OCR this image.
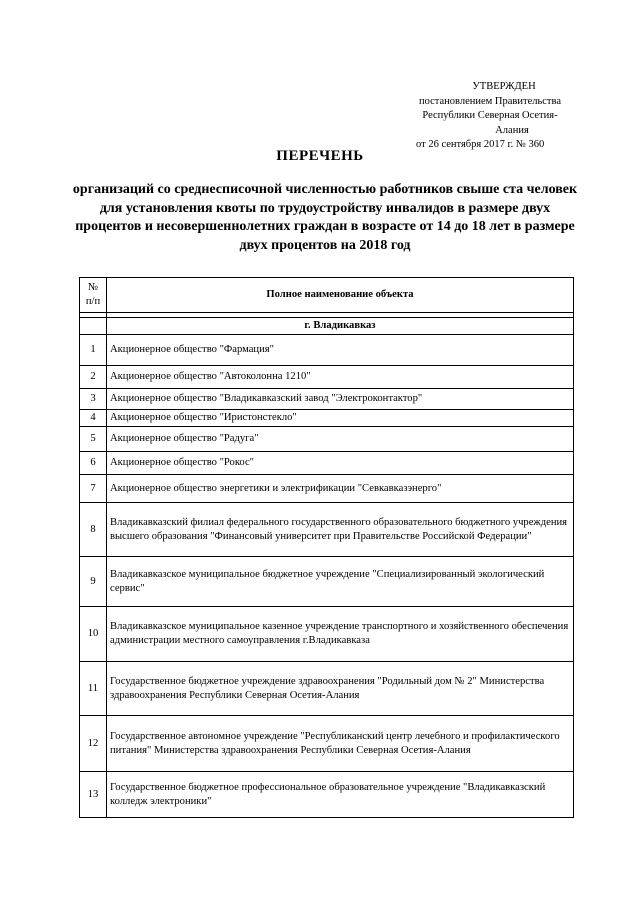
УТВЕРЖДЕН
постановлением Правительства
Республики Северная Осетия-
Алания
от 26 сентября 2017 г. № 360
ПЕРЕЧЕНЬ
организаций со среднесписочной численностью работников свыше ста человек для установления квоты по трудоустройству инвалидов в размере двух процентов и несовершеннолетних граждан в возрасте от 14 до 18 лет в размере двух процентов на 2018 год
№ п/п	Полное наименование объекта

	г. Владикавказ
1	Акционерное общество "Фармация"
2	Акционерное общество "Автоколонна 1210"
3	Акционерное общество "Владикавказский завод "Электроконтактор"
4	Акционерное общество "Иристонстекло"
5	Акционерное общество "Радуга"
6	Акционерное общество "Рокос"
7	Акционерное общество энергетики и электрификации "Севкавказэнерго"
8	Владикавказский филиал федерального государственного образовательного бюджетного учреждения высшего образования "Финансовый университет при Правительстве Российской Федерации"
9	Владикавказское муниципальное бюджетное учреждение "Специализированный экологический сервис"
10	Владикавказское муниципальное казенное учреждение транспортного и хозяйственного обеспечения администрации местного самоуправления г.Владикавказа
11	Государственное бюджетное учреждение здравоохранения "Родильный дом № 2" Министерства здравоохранения Республики Северная Осетия-Алания
12	Государственное автономное учреждение "Республиканский центр лечебного и профилактического питания" Министерства здравоохранения Республики Северная Осетия-Алания
13	Государственное бюджетное профессиональное образовательное учреждение "Владикавказский колледж электроники"
